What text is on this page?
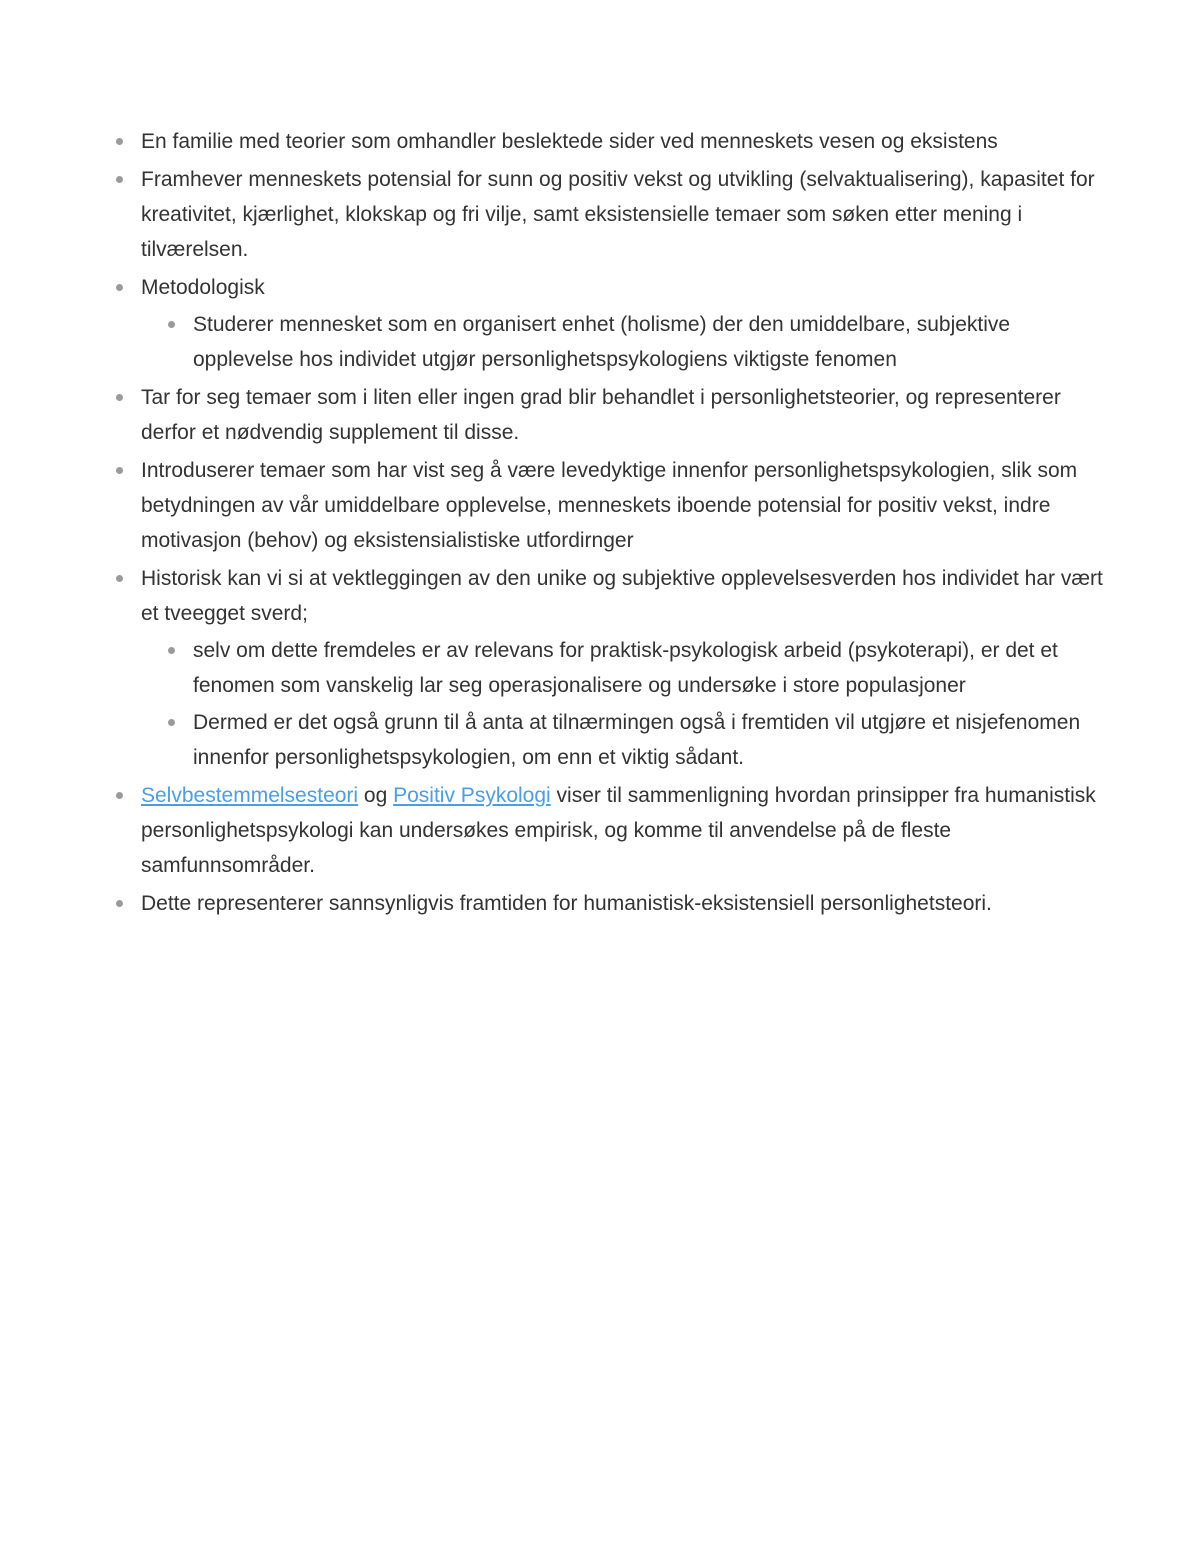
En familie med teorier som omhandler beslektede sider ved menneskets vesen og eksistens
Framhever menneskets potensial for sunn og positiv vekst og utvikling (selvaktualisering), kapasitet for kreativitet, kjærlighet, klokskap og fri vilje, samt eksistensielle temaer som søken etter mening i tilværelsen.
Metodologisk
Studerer mennesket som en organisert enhet (holisme) der den umiddelbare, subjektive opplevelse hos individet utgjør personlighetspsykologiens viktigste fenomen
Tar for seg temaer som i liten eller ingen grad blir behandlet i personlighetsteorier, og representerer derfor et nødvendig supplement til disse.
Introduserer temaer som har vist seg å være levedyktige innenfor personlighetspsykologien, slik som betydningen av vår umiddelbare opplevelse, menneskets iboende potensial for positiv vekst, indre motivasjon (behov) og eksistensialistiske utfordirnger
Historisk kan vi si at vektleggingen av den unike og subjektive opplevelsesverden hos individet har vært et tveegget sverd;
selv om dette fremdeles er av relevans for praktisk-psykologisk arbeid (psykoterapi), er det et fenomen som vanskelig lar seg operasjonalisere og undersøke i store populasjoner
Dermed er det også grunn til å anta at tilnærmingen også i fremtiden vil utgjøre et nisjefenomen innenfor personlighetspsykologien, om enn et viktig sådant.
Selvbestemmelsesteori og Positiv Psykologi viser til sammenligning hvordan prinsipper fra humanistisk personlighetspsykologi kan undersøkes empirisk, og komme til anvendelse på de fleste samfunnsområder.
Dette representerer sannsynligvis framtiden for humanistisk-eksistensiell personlighetsteori.
